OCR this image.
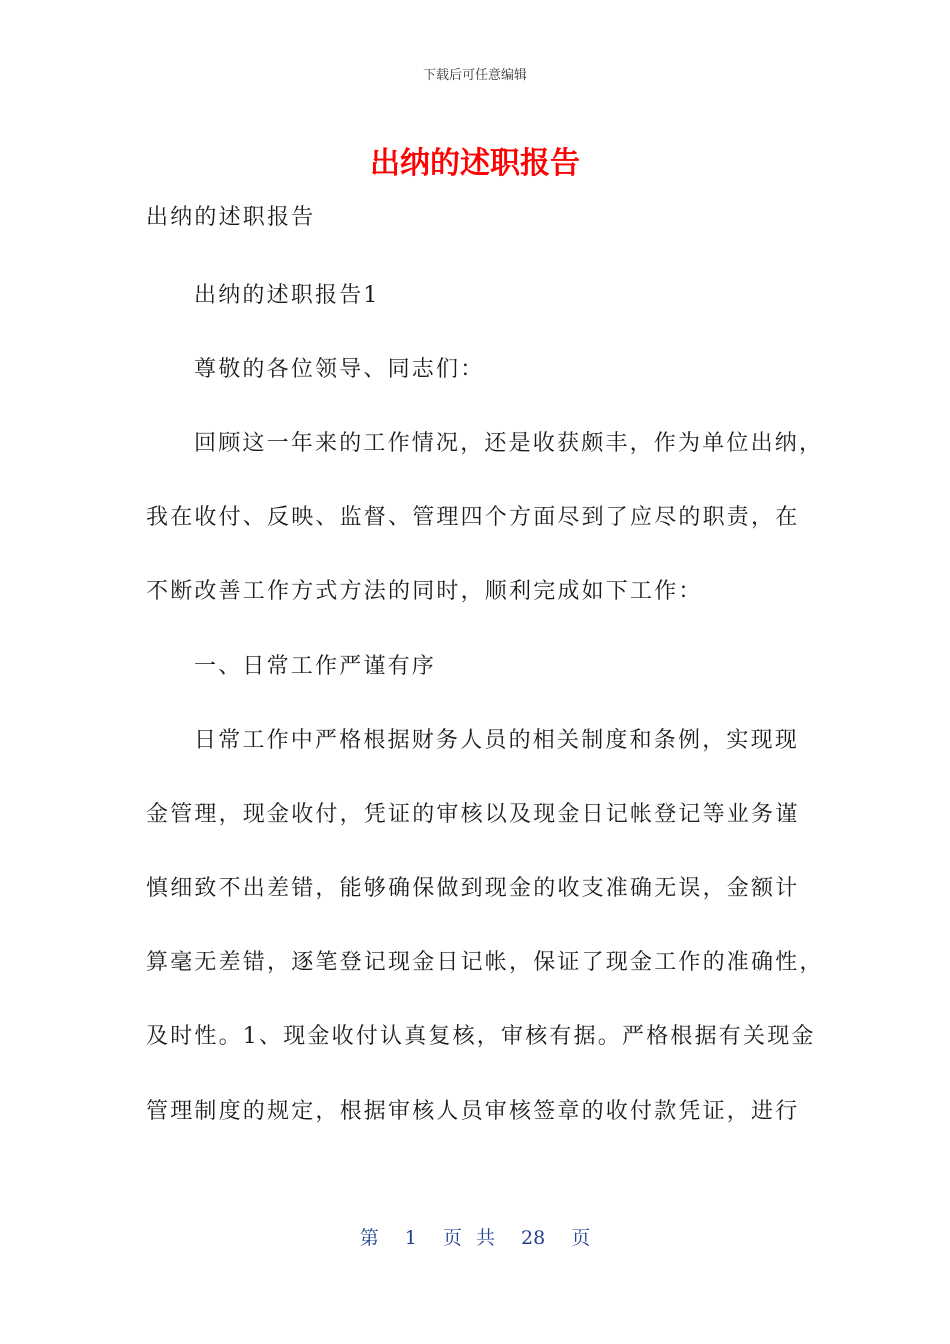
下载后可任意编辑
出纳的述职报告

出纳的述职报告

出纳的述职报告1

尊敬的各位领导、同志们：

回顾这一年来的工作情况，还是收获颇丰，作为单位出纳，

我在收付、反映、监督、管理四个方面尽到了应尽的职责，在

不断改善工作方式方法的同时，顺利完成如下工作：

一、日常工作严谨有序

日常工作中严格根据财务人员的相关制度和条例，实现现

金管理，现金收付，凭证的审核以及现金日记帐登记等业务谨

慎细致不出差错，能够确保做到现金的收支准确无误，金额计

算毫无差错，逐笔登记现金日记帐，保证了现金工作的准确性，

及时性。1、现金收付认真复核，审核有据。严格根据有关现金

管理制度的规定，根据审核人员审核签章的收付款凭证，进行

第 1 页 共 28 页
